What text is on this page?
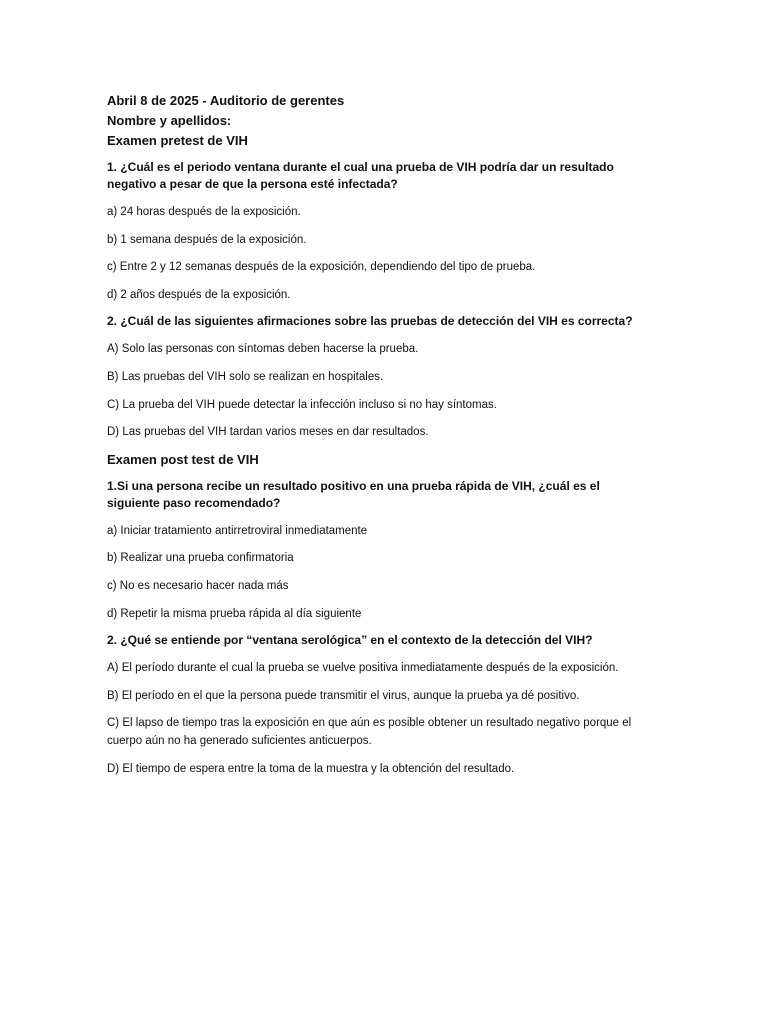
Abril 8 de 2025 - Auditorio de gerentes

Nombre y apellidos:

Examen pretest de VIH

1. ¿Cuál es el periodo ventana durante el cual una prueba de VIH podría dar un resultado negativo a pesar de que la persona esté infectada?

a) 24 horas después de la exposición.

b) 1 semana después de la exposición.

c) Entre 2 y 12 semanas después de la exposición, dependiendo del tipo de prueba.

d) 2 años después de la exposición.

2. ¿Cuál de las siguientes afirmaciones sobre las pruebas de detección del VIH es correcta?

A) Solo las personas con síntomas deben hacerse la prueba.

B) Las pruebas del VIH solo se realizan en hospitales.

C) La prueba del VIH puede detectar la infección incluso si no hay síntomas.

D) Las pruebas del VIH tardan varios meses en dar resultados.

Examen post test de VIH

1.Si una persona recibe un resultado positivo en una prueba rápida de VIH, ¿cuál es el siguiente paso recomendado?

a) Iniciar tratamiento antirretroviral inmediatamente

b) Realizar una prueba confirmatoria

c) No es necesario hacer nada más

d) Repetir la misma prueba rápida al día siguiente

2. ¿Qué se entiende por “ventana serológica” en el contexto de la detección del VIH?

A) El período durante el cual la prueba se vuelve positiva inmediatamente después de la exposición.

B) El período en el que la persona puede transmitir el virus, aunque la prueba ya dé positivo.

C) El lapso de tiempo tras la exposición en que aún es posible obtener un resultado negativo porque el cuerpo aún no ha generado suficientes anticuerpos.

D) El tiempo de espera entre la toma de la muestra y la obtención del resultado.
